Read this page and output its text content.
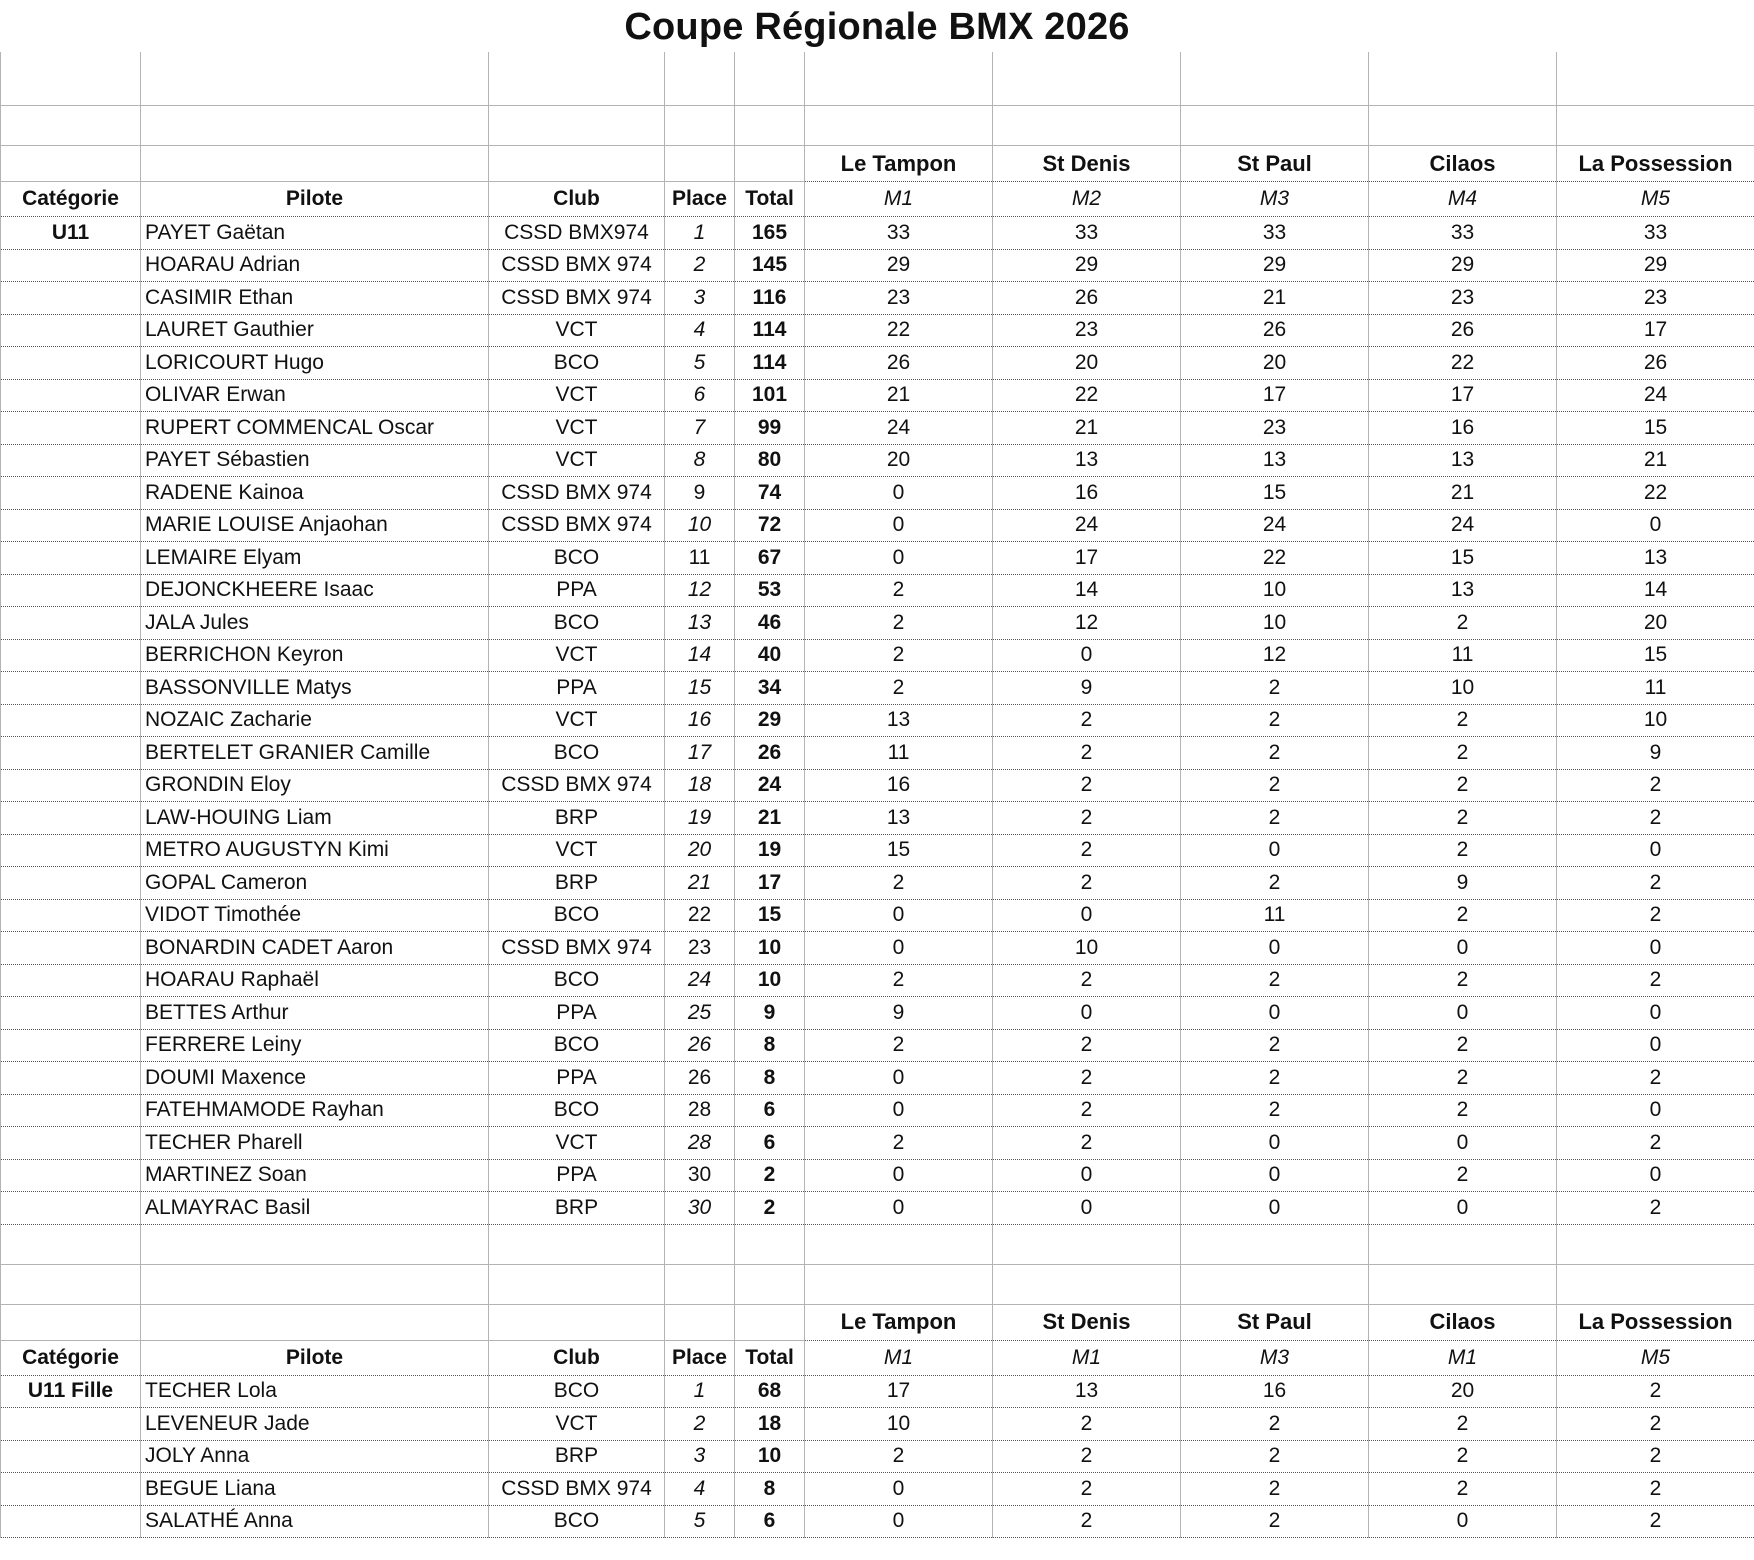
Coupe Régionale BMX 2026

					Le Tampon	St Denis	St Paul	Cilaos	La Possession
Catégorie	Pilote	Club	Place	Total	M1	M2	M3	M4	M5
U11	PAYET Gaëtan	CSSD BMX974	1	165	33	33	33	33	33
	HOARAU Adrian	CSSD BMX 974	2	145	29	29	29	29	29
	CASIMIR Ethan	CSSD BMX 974	3	116	23	26	21	23	23
	LAURET Gauthier	VCT	4	114	22	23	26	26	17
	LORICOURT Hugo	BCO	5	114	26	20	20	22	26
	OLIVAR Erwan	VCT	6	101	21	22	17	17	24
	RUPERT COMMENCAL Oscar	VCT	7	99	24	21	23	16	15
	PAYET Sébastien	VCT	8	80	20	13	13	13	21
	RADENE Kainoa	CSSD BMX 974	9	74	0	16	15	21	22
	MARIE LOUISE Anjaohan	CSSD BMX 974	10	72	0	24	24	24	0
	LEMAIRE Elyam	BCO	11	67	0	17	22	15	13
	DEJONCKHEERE Isaac	PPA	12	53	2	14	10	13	14
	JALA Jules	BCO	13	46	2	12	10	2	20
	BERRICHON Keyron	VCT	14	40	2	0	12	11	15
	BASSONVILLE Matys	PPA	15	34	2	9	2	10	11
	NOZAIC Zacharie	VCT	16	29	13	2	2	2	10
	BERTELET GRANIER Camille	BCO	17	26	11	2	2	2	9
	GRONDIN Eloy	CSSD BMX 974	18	24	16	2	2	2	2
	LAW-HOUING Liam	BRP	19	21	13	2	2	2	2
	METRO AUGUSTYN Kimi	VCT	20	19	15	2	0	2	0
	GOPAL Cameron	BRP	21	17	2	2	2	9	2
	VIDOT Timothée	BCO	22	15	0	0	11	2	2
	BONARDIN CADET Aaron	CSSD BMX 974	23	10	0	10	0	0	0
	HOARAU Raphaël	BCO	24	10	2	2	2	2	2
	BETTES Arthur	PPA	25	9	9	0	0	0	0
	FERRERE Leiny	BCO	26	8	2	2	2	2	0
	DOUMI Maxence	PPA	26	8	0	2	2	2	2
	FATEHMAMODE Rayhan	BCO	28	6	0	2	2	2	0
	TECHER Pharell	VCT	28	6	2	2	0	0	2
	MARTINEZ Soan	PPA	30	2	0	0	0	2	0
	ALMAYRAC Basil	BRP	30	2	0	0	0	0	2

					Le Tampon	St Denis	St Paul	Cilaos	La Possession
Catégorie	Pilote	Club	Place	Total	M1	M1	M3	M1	M5
U11 Fille	TECHER Lola	BCO	1	68	17	13	16	20	2
	LEVENEUR Jade	VCT	2	18	10	2	2	2	2
	JOLY Anna	BRP	3	10	2	2	2	2	2
	BEGUE Liana	CSSD BMX 974	4	8	0	2	2	2	2
	SALATHÉ Anna	BCO	5	6	0	2	2	0	2
